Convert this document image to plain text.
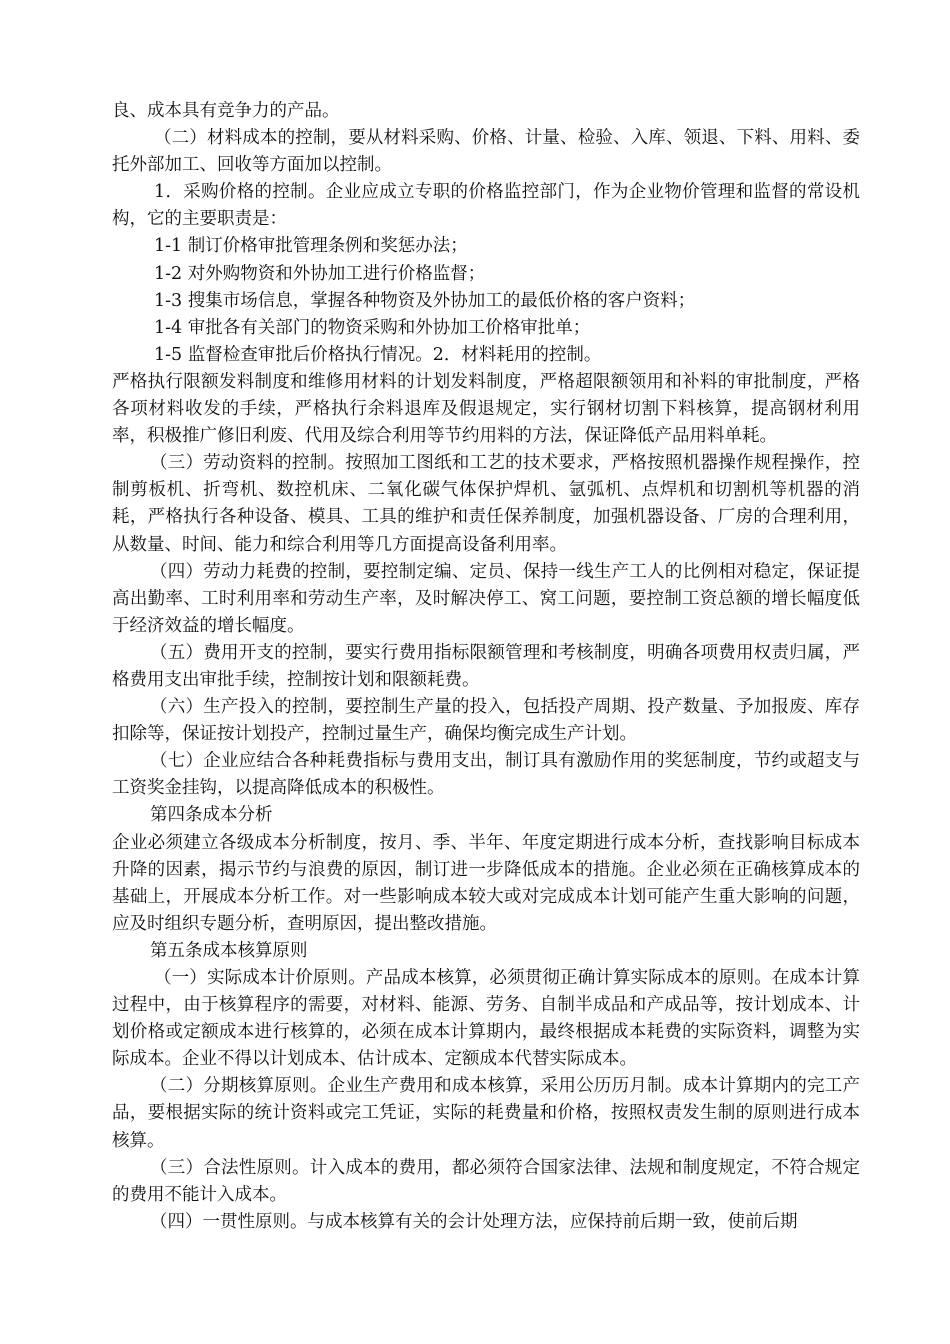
良、成本具有竞争力的产品。

（二）材料成本的控制，要从材料采购、价格、计量、检验、入库、领退、下料、用料、委托外部加工、回收等方面加以控制。

1．采购价格的控制。企业应成立专职的价格监控部门，作为企业物价管理和监督的常设机构，它的主要职责是：

1-1 制订价格审批管理条例和奖惩办法；

1-2 对外购物资和外协加工进行价格监督；

1-3 搜集市场信息，掌握各种物资及外协加工的最低价格的客户资料；

1-4 审批各有关部门的物资采购和外协加工价格审批单；

1-5 监督检查审批后价格执行情况。2．材料耗用的控制。

严格执行限额发料制度和维修用材料的计划发料制度，严格超限额领用和补料的审批制度，严格各项材料收发的手续，严格执行余料退库及假退规定，实行钢材切割下料核算，提高钢材利用率，积极推广修旧利废、代用及综合利用等节约用料的方法，保证降低产品用料单耗。

（三）劳动资料的控制。按照加工图纸和工艺的技术要求，严格按照机器操作规程操作，控制剪板机、折弯机、数控机床、二氧化碳气体保护焊机、氩弧机、点焊机和切割机等机器的消耗，严格执行各种设备、模具、工具的维护和责任保养制度，加强机器设备、厂房的合理利用，从数量、时间、能力和综合利用等几方面提高设备利用率。

（四）劳动力耗费的控制，要控制定编、定员、保持一线生产工人的比例相对稳定，保证提高出勤率、工时利用率和劳动生产率，及时解决停工、窝工问题，要控制工资总额的增长幅度低于经济效益的增长幅度。

（五）费用开支的控制，要实行费用指标限额管理和考核制度，明确各项费用权责归属，严格费用支出审批手续，控制按计划和限额耗费。

（六）生产投入的控制，要控制生产量的投入，包括投产周期、投产数量、予加报废、库存扣除等，保证按计划投产，控制过量生产，确保均衡完成生产计划。

（七）企业应结合各种耗费指标与费用支出，制订具有激励作用的奖惩制度，节约或超支与工资奖金挂钩，以提高降低成本的积极性。

第四条成本分析

企业必须建立各级成本分析制度，按月、季、半年、年度定期进行成本分析，查找影响目标成本升降的因素，揭示节约与浪费的原因，制订进一步降低成本的措施。企业必须在正确核算成本的基础上，开展成本分析工作。对一些影响成本较大或对完成成本计划可能产生重大影响的问题，应及时组织专题分析，查明原因，提出整改措施。

第五条成本核算原则

（一）实际成本计价原则。产品成本核算，必须贯彻正确计算实际成本的原则。在成本计算过程中，由于核算程序的需要，对材料、能源、劳务、自制半成品和产成品等，按计划成本、计划价格或定额成本进行核算的，必须在成本计算期内，最终根据成本耗费的实际资料，调整为实际成本。企业不得以计划成本、估计成本、定额成本代替实际成本。

（二）分期核算原则。企业生产费用和成本核算，采用公历历月制。成本计算期内的完工产品，要根据实际的统计资料或完工凭证，实际的耗费量和价格，按照权责发生制的原则进行成本核算。

（三）合法性原则。计入成本的费用，都必须符合国家法律、法规和制度规定，不符合规定的费用不能计入成本。

（四）一贯性原则。与成本核算有关的会计处理方法，应保持前后期一致，使前后期
